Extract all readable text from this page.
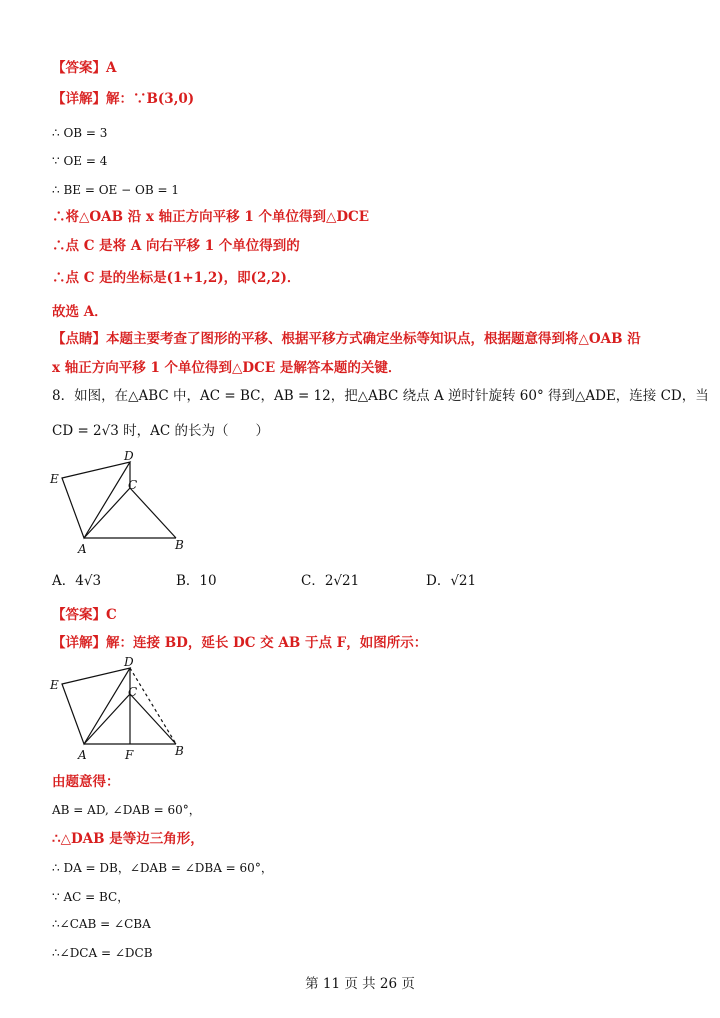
【答案】A
【详解】解：∵B(3,0)
∴ OB = 3
∵ OE = 4
∴ BE = OE − OB = 1
∴将△OAB 沿 x 轴正方向平移 1 个单位得到△DCE
∴点 C 是将 A 向右平移 1 个单位得到的
∴点 C 是的坐标是(1+1,2)，即(2,2)．
故选 A．
【点睛】本题主要考查了图形的平移、根据平移方式确定坐标等知识点，根据题意得到将△OAB 沿
x 轴正方向平移 1 个单位得到△DCE 是解答本题的关键．
8．如图，在△ABC 中，AC = BC，AB = 12，把△ABC 绕点 A 逆时针旋转 60° 得到△ADE，连接 CD，当
CD = 2√3 时，AC 的长为（　　）
E
D
C
A	B
A．4√3	B．10	C．2√21	D．√21
【答案】C
【详解】解：连接 BD，延长 DC 交 AB 于点 F，如图所示：
E
D
C
A	F	B
由题意得：
AB = AD, ∠DAB = 60°，
∴△DAB 是等边三角形，
∴ DA = DB，∠DAB = ∠DBA = 60°，
∵ AC = BC，
∴∠CAB = ∠CBA
∴∠DCA = ∠DCB
第 11 页 共 26 页
